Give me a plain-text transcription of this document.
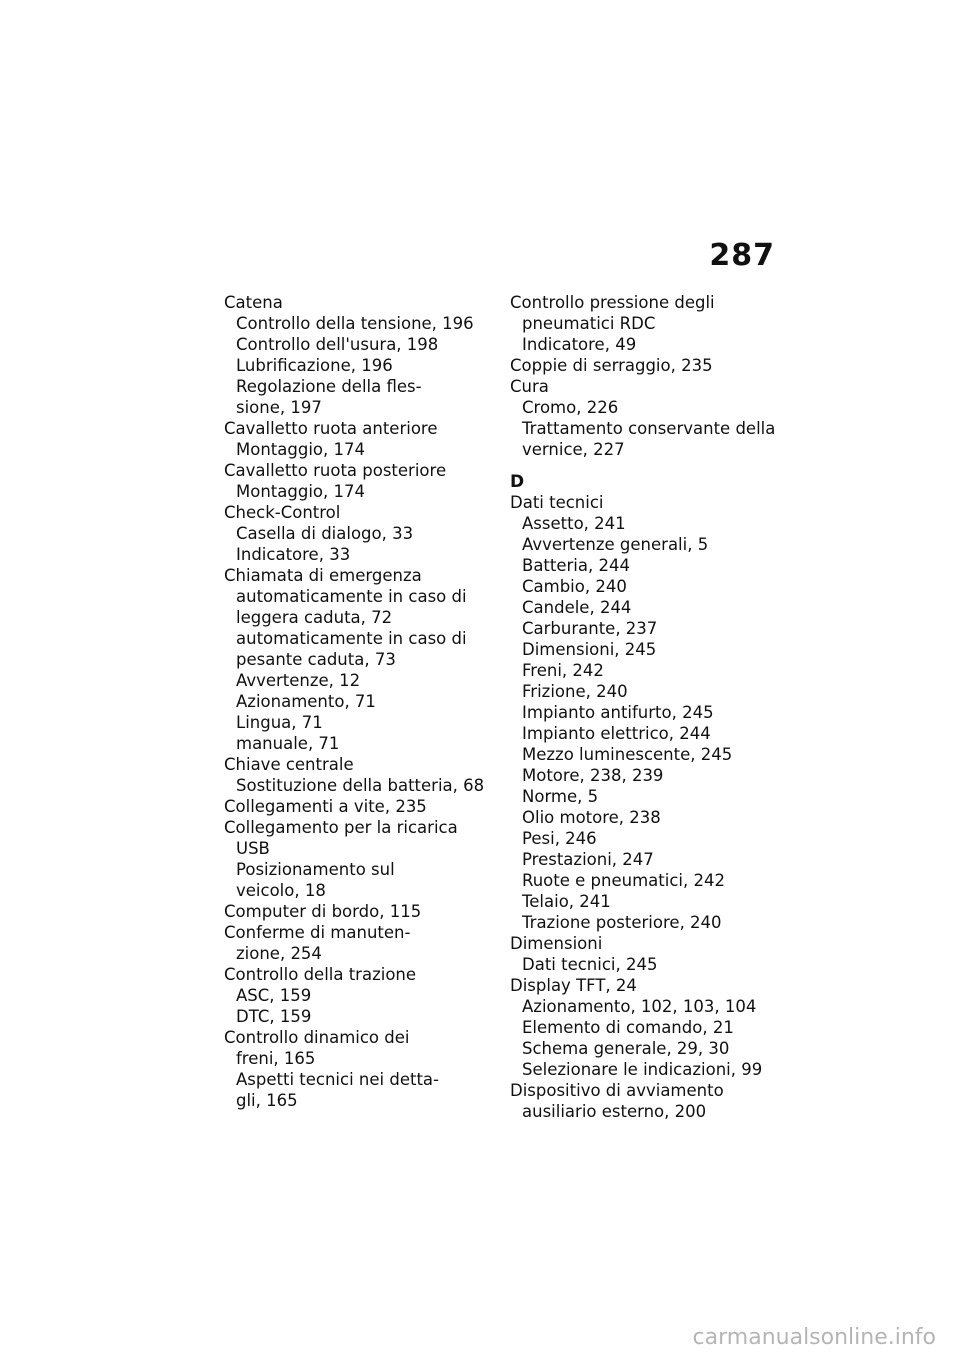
287
Catena
Controllo della tensione, 196
Controllo dell'usura, 198
Lubrificazione, 196
Regolazione della fles-
sione, 197
Cavalletto ruota anteriore
Montaggio, 174
Cavalletto ruota posteriore
Montaggio, 174
Check-Control
Casella di dialogo, 33
Indicatore, 33
Chiamata di emergenza
automaticamente in caso di
leggera caduta, 72
automaticamente in caso di
pesante caduta, 73
Avvertenze, 12
Azionamento, 71
Lingua, 71
manuale, 71
Chiave centrale
Sostituzione della batteria, 68
Collegamenti a vite, 235
Collegamento per la ricarica
USB
Posizionamento sul
veicolo, 18
Computer di bordo, 115
Conferme di manuten-
zione, 254
Controllo della trazione
ASC, 159
DTC, 159
Controllo dinamico dei
freni, 165
Aspetti tecnici nei detta-
gli, 165
Controllo pressione degli
pneumatici RDC
Indicatore, 49
Coppie di serraggio, 235
Cura
Cromo, 226
Trattamento conservante della
vernice, 227
D
Dati tecnici
Assetto, 241
Avvertenze generali, 5
Batteria, 244
Cambio, 240
Candele, 244
Carburante, 237
Dimensioni, 245
Freni, 242
Frizione, 240
Impianto antifurto, 245
Impianto elettrico, 244
Mezzo luminescente, 245
Motore, 238, 239
Norme, 5
Olio motore, 238
Pesi, 246
Prestazioni, 247
Ruote e pneumatici, 242
Telaio, 241
Trazione posteriore, 240
Dimensioni
Dati tecnici, 245
Display TFT, 24
Azionamento, 102, 103, 104
Elemento di comando, 21
Schema generale, 29, 30
Selezionare le indicazioni, 99
Dispositivo di avviamento
ausiliario esterno, 200
carmanualsonline.info
